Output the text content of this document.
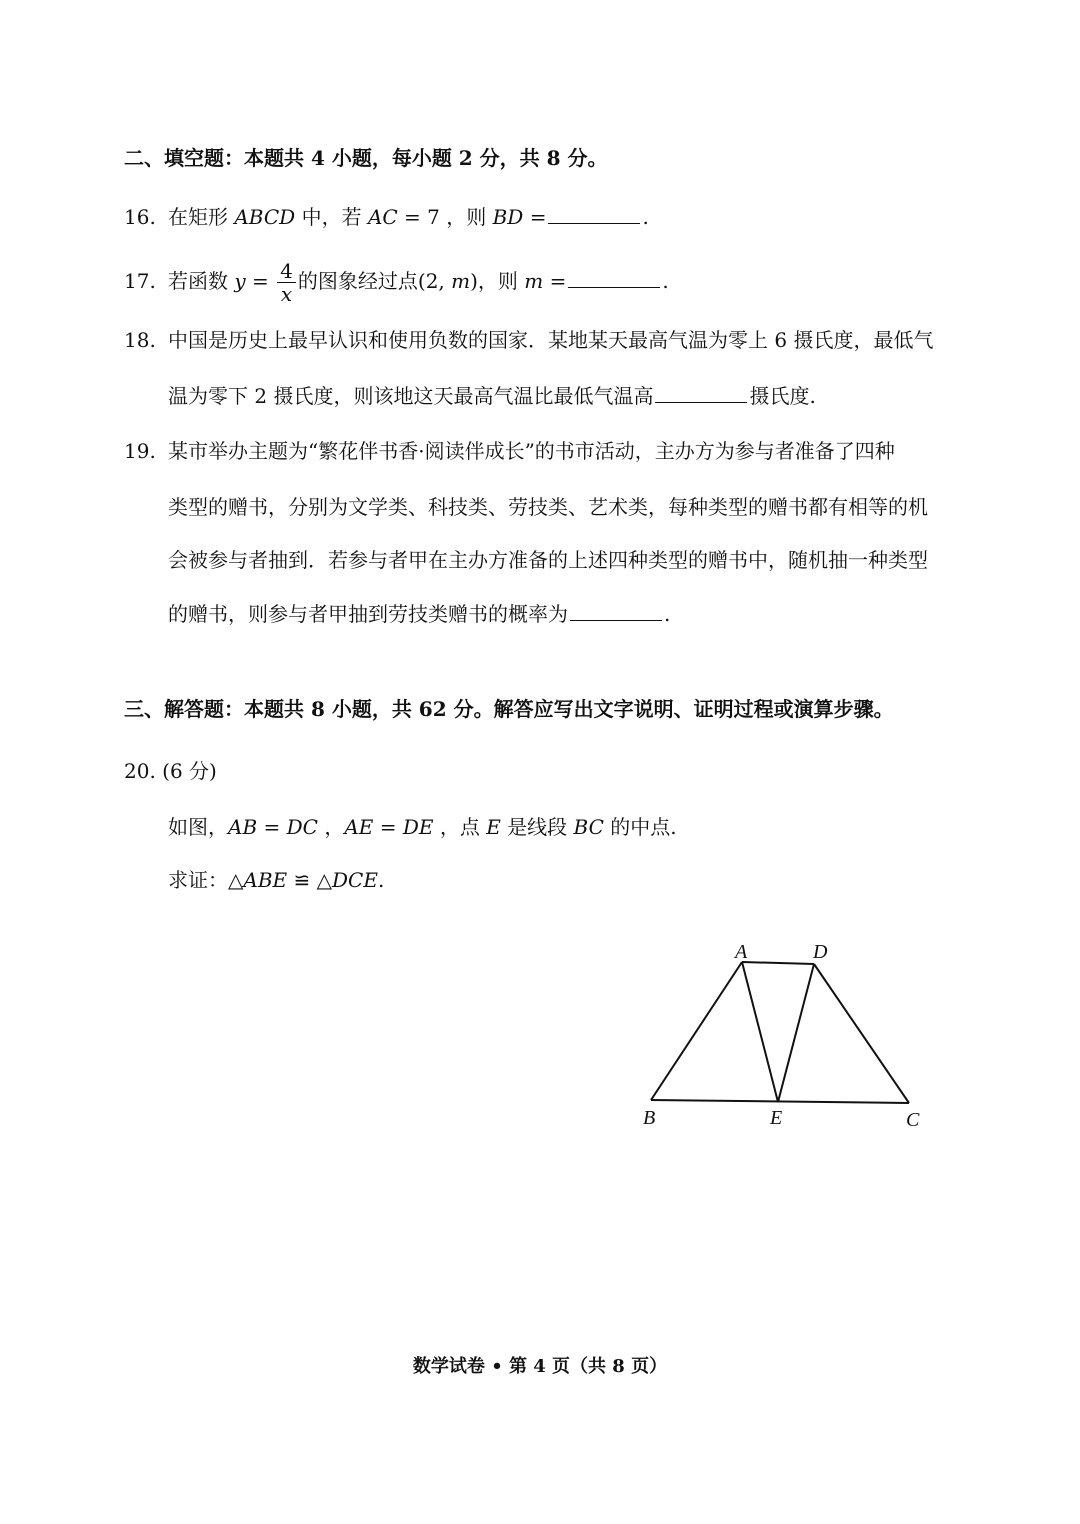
二、填空题：本题共 4 小题，每小题 2 分，共 8 分。
16. 在矩形 ABCD 中，若 AC = 7 ，则 BD =	.
17. 若函数 $y = \frac{4}{x}$ 的图象经过点(2, m)，则 m =	.
18. 中国是历史上最早认识和使用负数的国家．某地某天最高气温为零上 6 摄氏度，最低气
温为零下 2 摄氏度，则该地这天最高气温比最低气温高	摄氏度.
19. 某市举办主题为“繁花伴书香·阅读伴成长”的书市活动，主办方为参与者准备了四种
类型的赠书，分别为文学类、科技类、劳技类、艺术类，每种类型的赠书都有相等的机
会被参与者抽到．若参与者甲在主办方准备的上述四种类型的赠书中，随机抽一种类型
的赠书，则参与者甲抽到劳技类赠书的概率为	.
三、解答题：本题共 8 小题，共 62 分。解答应写出文字说明、证明过程或演算步骤。
20. (6 分)
如图，AB = DC ，AE = DE ，点 E 是线段 BC 的中点.
求证：△ABE ≌ △DCE.
A	D
B	E	C
数学试卷 • 第 4 页（共 8 页）
